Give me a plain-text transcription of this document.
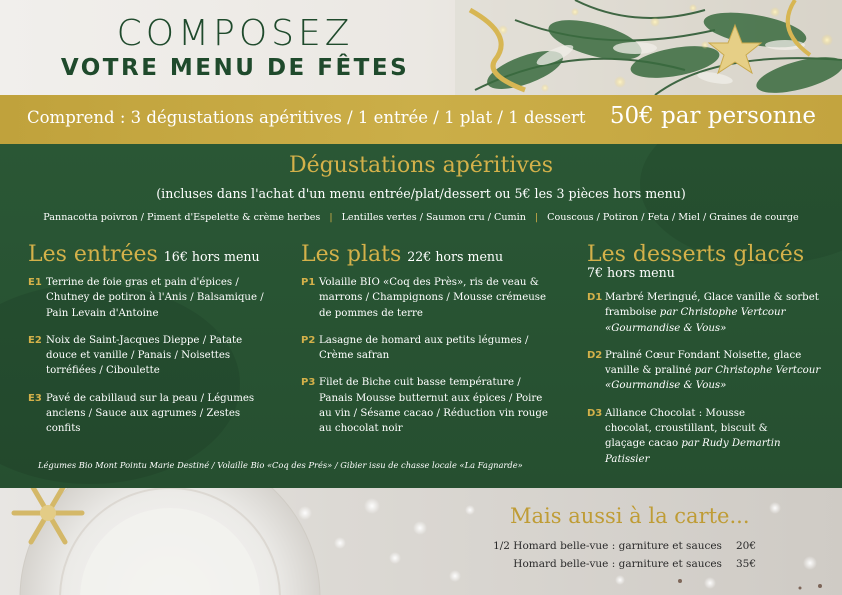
COMPOSEZ
VOTRE MENU DE FÊTES
Comprend : 3 dégustations apéritives / 1 entrée / 1 plat / 1 dessert 50€ par personne
Dégustations apéritives
(incluses dans l'achat d'un menu entrée/plat/dessert ou 5€ les 3 pièces hors menu)
Pannacotta poivron / Piment d'Espelette & crème herbes | Lentilles vertes / Saumon cru / Cumin | Couscous / Potiron / Feta / Miel / Graines de courge
Les entrées 16€ hors menu
E1 Terrine de foie gras et pain d'épices / Chutney de potiron à l'Anis / Balsamique / Pain Levain d'Antoine
E2 Noix de Saint-Jacques Dieppe / Patate douce et vanille / Panais / Noisettes torréfiées / Ciboulette
E3 Pavé de cabillaud sur la peau / Légumes anciens / Sauce aux agrumes / Zestes confits
Les plats 22€ hors menu
P1 Volaille BIO «Coq des Près», ris de veau & marrons / Champignons / Mousse crémeuse de pommes de terre
P2 Lasagne de homard aux petits légumes / Crème safran
P3 Filet de Biche cuit basse température / Panais Mousse butternut aux épices / Poire au vin / Sésame cacao / Réduction vin rouge au chocolat noir
Les desserts glacés
7€ hors menu
D1 Marbré Meringué, Glace vanille & sorbet framboise par Christophe Vertcour «Gourmandise & Vous»
D2 Praliné Cœur Fondant Noisette, glace vanille & praliné par Christophe Vertcour «Gourmandise & Vous»
D3 Alliance Chocolat : Mousse chocolat, croustillant, biscuit & glaçage cacao par Rudy Demartin Patissier
Légumes Bio Mont Pointu Marie Destiné / Volaille Bio «Coq des Prés» / Gibier issu de chasse locale «La Fagnarde»
Mais aussi à la carte...
1/2 Homard belle-vue : garniture et sauces 20€
Homard belle-vue : garniture et sauces 35€
